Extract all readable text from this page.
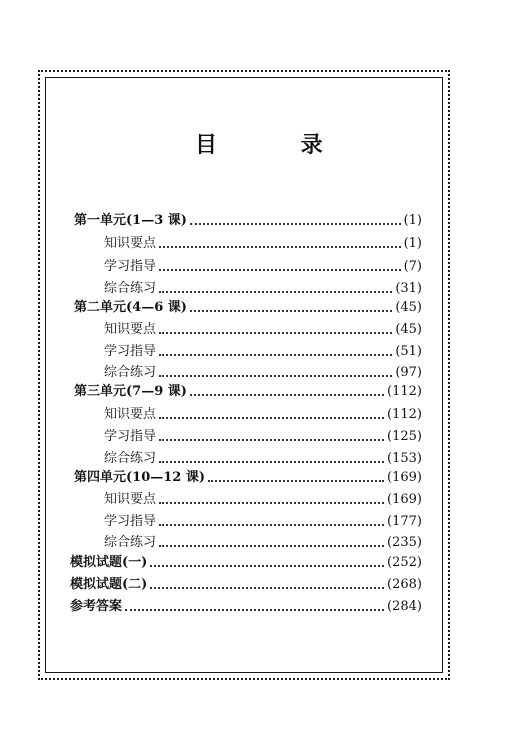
目 录
第一单元(1—3 课)	(1)
知识要点	(1)
学习指导	(7)
综合练习	(31)
第二单元(4—6 课)	(45)
知识要点	(45)
学习指导	(51)
综合练习	(97)
第三单元(7—9 课)	(112)
知识要点	(112)
学习指导	(125)
综合练习	(153)
第四单元(10—12 课)	(169)
知识要点	(169)
学习指导	(177)
综合练习	(235)
模拟试题(一)	(252)
模拟试题(二)	(268)
参考答案	(284)
